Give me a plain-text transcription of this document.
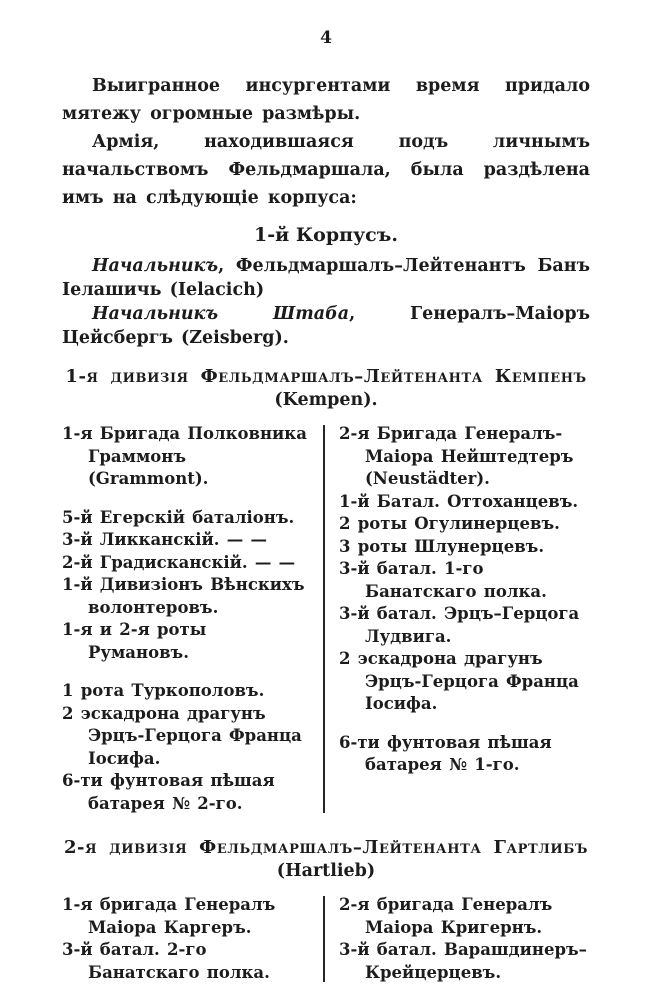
4

Выигранное инсургентами время придало мятежу огромные размѣры.

Армія, находившаяся подъ личнымъ начальствомъ Фельдмаршала, была раздѣлена имъ на слѣдующіе корпуса:

1-й Корпусъ.

Начальникъ, Фельдмаршалъ–Лейтенантъ Банъ Іелашичь (Ielacich)

Начальникъ Штаба, Генералъ–Маіоръ Цейсбергъ (Zeisberg).

1-я дивизія Фельдмаршалъ–Лейтенанта Кемпенъ
(Kempen).

1-я Бригада Полковника Граммонъ (Grammont).

5-й Егерскій баталіонъ.

3-й Ликканскій. — —

2-й Градисканскій. — —

1-й Дивизіонъ Вѣнскихъ волонтеровъ.

1-я и 2-я роты Румановъ.

1 рота Туркополовъ.

2 эскадрона драгунъ Эрцъ-Герцога Франца Іосифа.

6-ти фунтовая пѣшая батарея № 2-го.

2-я Бригада Генералъ-Маіора Нейштедтеръ (Neustädter).

1-й Батал. Оттоханцевъ.

2 роты Огулинерцевъ.

3 роты Шлунерцевъ.

3-й батал. 1-го Банатскаго полка.

3-й батал. Эрцъ–Герцога Лудвига.

2 эскадрона драгунъ Эрцъ-Герцога Франца Іосифа.

6-ти фунтовая пѣшая батарея № 1-го.

2-я дивизія Фельдмаршалъ–Лейтенанта Гартлибъ
(Hartlieb)

1-я бригада Генералъ Маіора Каргеръ.

3-й батал. 2-го Банатскаго полка.

2-я бригада Генералъ Маіора Кригернъ.

3-й батал. Варашдинеръ–Крейцерцевъ.
